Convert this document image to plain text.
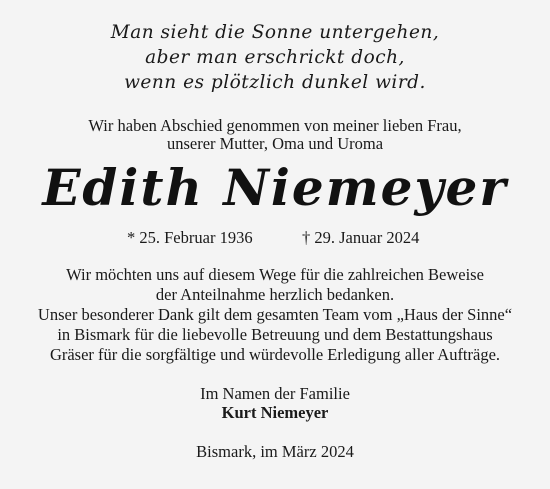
Man sieht die Sonne untergehen,
aber man erschrickt doch,
wenn es plötzlich dunkel wird.
Wir haben Abschied genommen von meiner lieben Frau,
unserer Mutter, Oma und Uroma
Edith Niemeyer
* 25. Februar 1936	† 29. Januar 2024
Wir möchten uns auf diesem Wege für die zahlreichen Beweise
der Anteilnahme herzlich bedanken.
Unser besonderer Dank gilt dem gesamten Team vom „Haus der Sinne“
in Bismark für die liebevolle Betreuung und dem Bestattungshaus
Gräser für die sorgfältige und würdevolle Erledigung aller Aufträge.
Im Namen der Familie
Kurt Niemeyer
Bismark, im März 2024
